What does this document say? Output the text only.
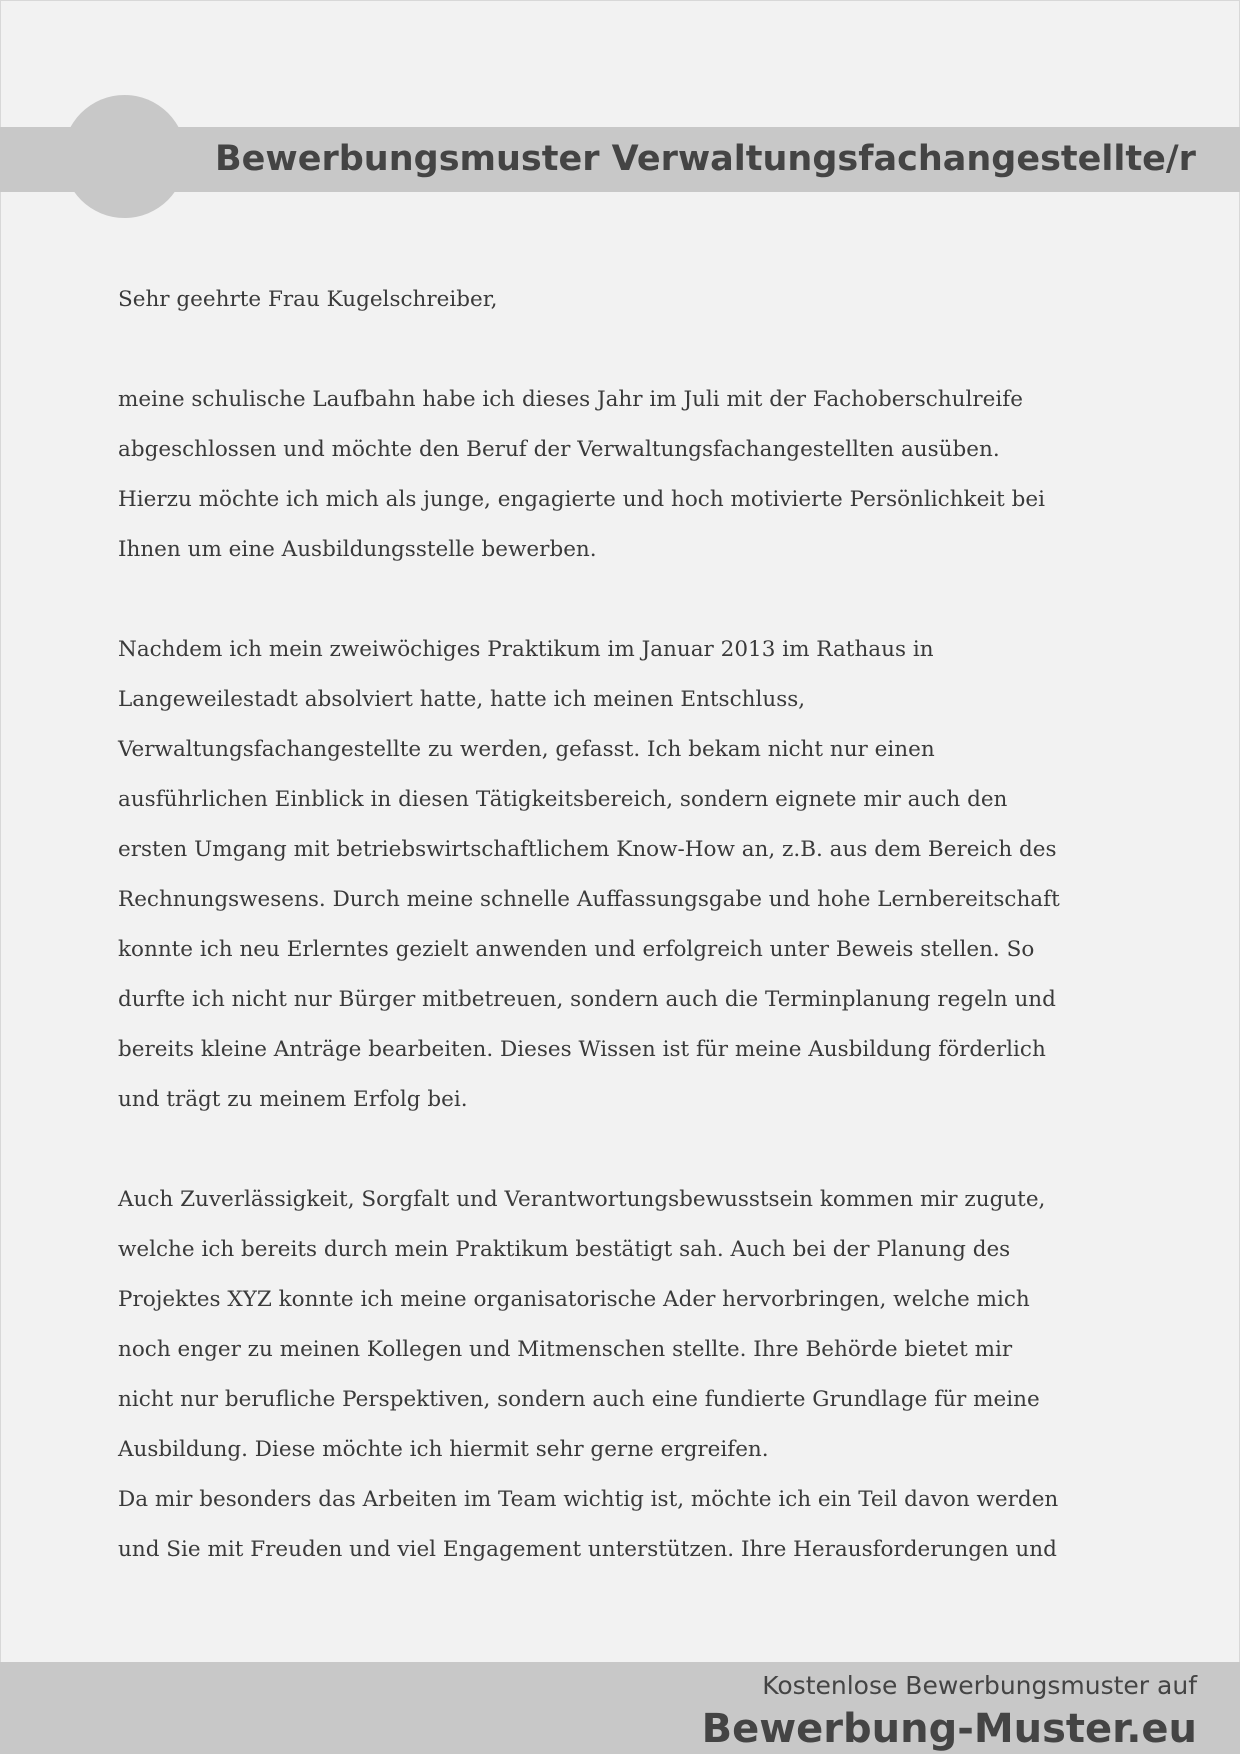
Bewerbungsmuster Verwaltungsfachangestellte/r

Sehr geehrte Frau Kugelschreiber,

meine schulische Laufbahn habe ich dieses Jahr im Juli mit der Fachoberschulreife
abgeschlossen und möchte den Beruf der Verwaltungsfachangestellten ausüben.
Hierzu möchte ich mich als junge, engagierte und hoch motivierte Persönlichkeit bei
Ihnen um eine Ausbildungsstelle bewerben.

Nachdem ich mein zweiwöchiges Praktikum im Januar 2013 im Rathaus in
Langeweilestadt absolviert hatte, hatte ich meinen Entschluss,
Verwaltungsfachangestellte zu werden, gefasst. Ich bekam nicht nur einen
ausführlichen Einblick in diesen Tätigkeitsbereich, sondern eignete mir auch den
ersten Umgang mit betriebswirtschaftlichem Know-How an, z.B. aus dem Bereich des
Rechnungswesens. Durch meine schnelle Auffassungsgabe und hohe Lernbereitschaft
konnte ich neu Erlerntes gezielt anwenden und erfolgreich unter Beweis stellen. So
durfte ich nicht nur Bürger mitbetreuen, sondern auch die Terminplanung regeln und
bereits kleine Anträge bearbeiten. Dieses Wissen ist für meine Ausbildung förderlich
und trägt zu meinem Erfolg bei.

Auch Zuverlässigkeit, Sorgfalt und Verantwortungsbewusstsein kommen mir zugute,
welche ich bereits durch mein Praktikum bestätigt sah. Auch bei der Planung des
Projektes XYZ konnte ich meine organisatorische Ader hervorbringen, welche mich
noch enger zu meinen Kollegen und Mitmenschen stellte. Ihre Behörde bietet mir
nicht nur berufliche Perspektiven, sondern auch eine fundierte Grundlage für meine
Ausbildung. Diese möchte ich hiermit sehr gerne ergreifen.

Da mir besonders das Arbeiten im Team wichtig ist, möchte ich ein Teil davon werden
und Sie mit Freuden und viel Engagement unterstützen. Ihre Herausforderungen und

Kostenlose Bewerbungsmuster auf
Bewerbung-Muster.eu
